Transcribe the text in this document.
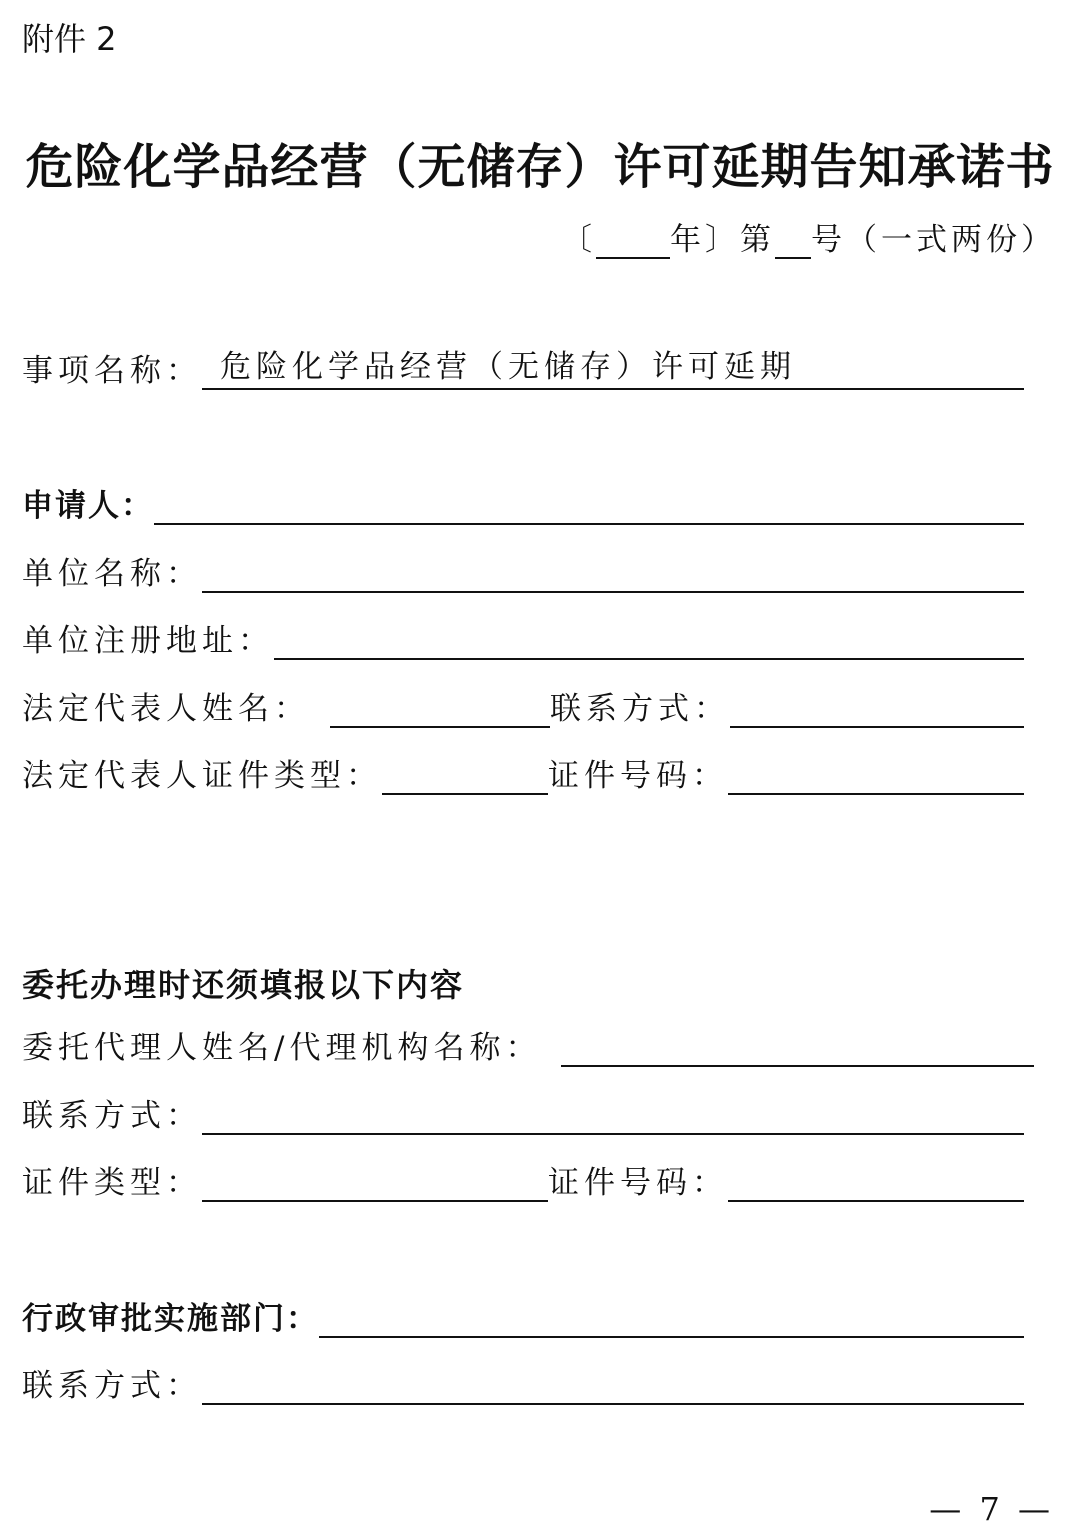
附件 2
危险化学品经营（无储存）许可延期告知承诺书
〔 年〕第 号（一式两份）
事项名称： 危险化学品经营（无储存）许可延期
申请人：
单位名称：
单位注册地址：
法定代表人姓名：	联系方式：
法定代表人证件类型：	证件号码：
委托办理时还须填报以下内容
委托代理人姓名/代理机构名称：
联系方式：
证件类型：	证件号码：
行政审批实施部门：
联系方式：
— 7 —
